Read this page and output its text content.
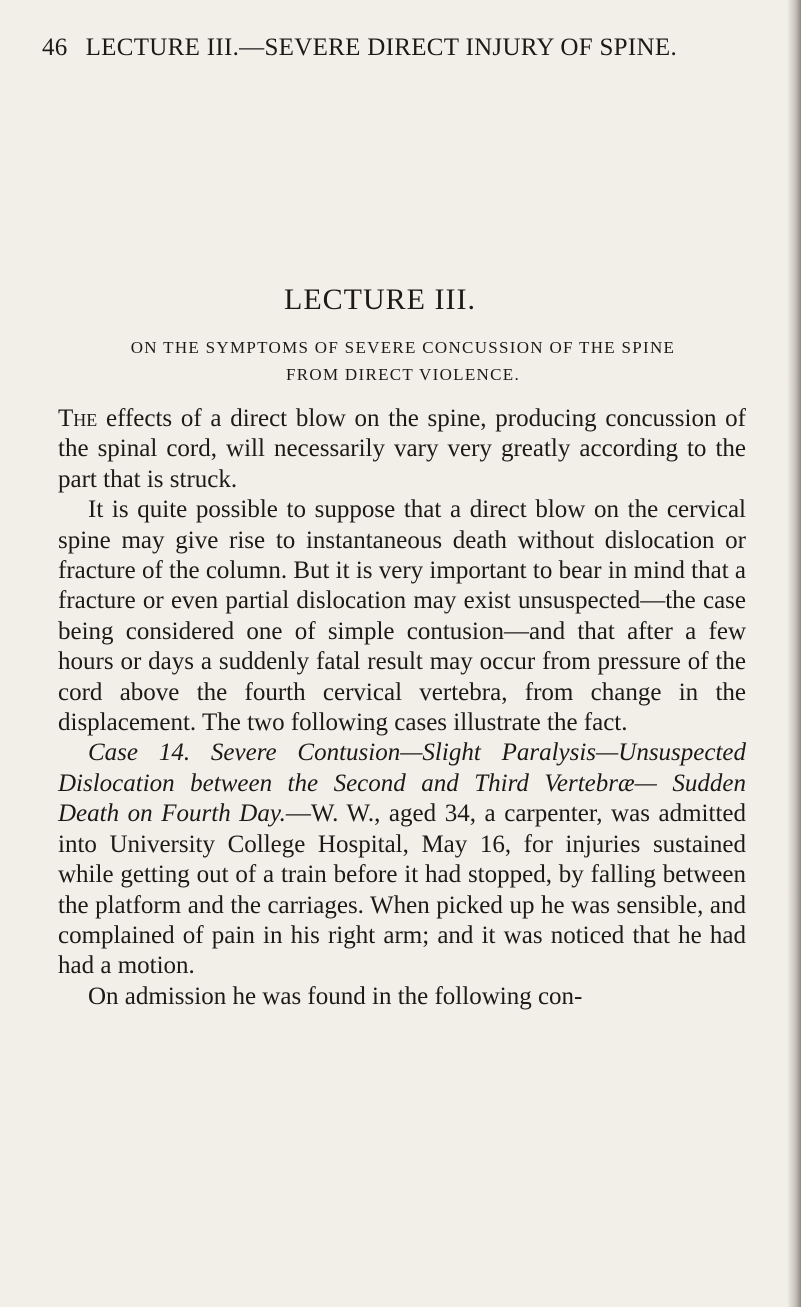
46 LECTURE III.—SEVERE DIRECT INJURY OF SPINE.
LECTURE III.
ON THE SYMPTOMS OF SEVERE CONCUSSION OF THE SPINE
FROM DIRECT VIOLENCE.

The effects of a direct blow on the spine, producing concussion of the spinal cord, will necessarily vary very greatly according to the part that is struck.

It is quite possible to suppose that a direct blow on the cervical spine may give rise to instantaneous death without dislocation or fracture of the column. But it is very important to bear in mind that a fracture or even partial dislocation may exist unsuspected—the case being considered one of simple contusion—and that after a few hours or days a suddenly fatal result may occur from pressure of the cord above the fourth cervical vertebra, from change in the displacement. The two following cases illustrate the fact.

Case 14. Severe Contusion—Slight Paralysis—Unsuspected Dislocation between the Second and Third Vertebræ— Sudden Death on Fourth Day.—W. W., aged 34, a carpenter, was admitted into University College Hospital, May 16, for injuries sustained while getting out of a train before it had stopped, by falling between the platform and the carriages. When picked up he was sensible, and complained of pain in his right arm; and it was noticed that he had had a motion.

On admission he was found in the following con-
